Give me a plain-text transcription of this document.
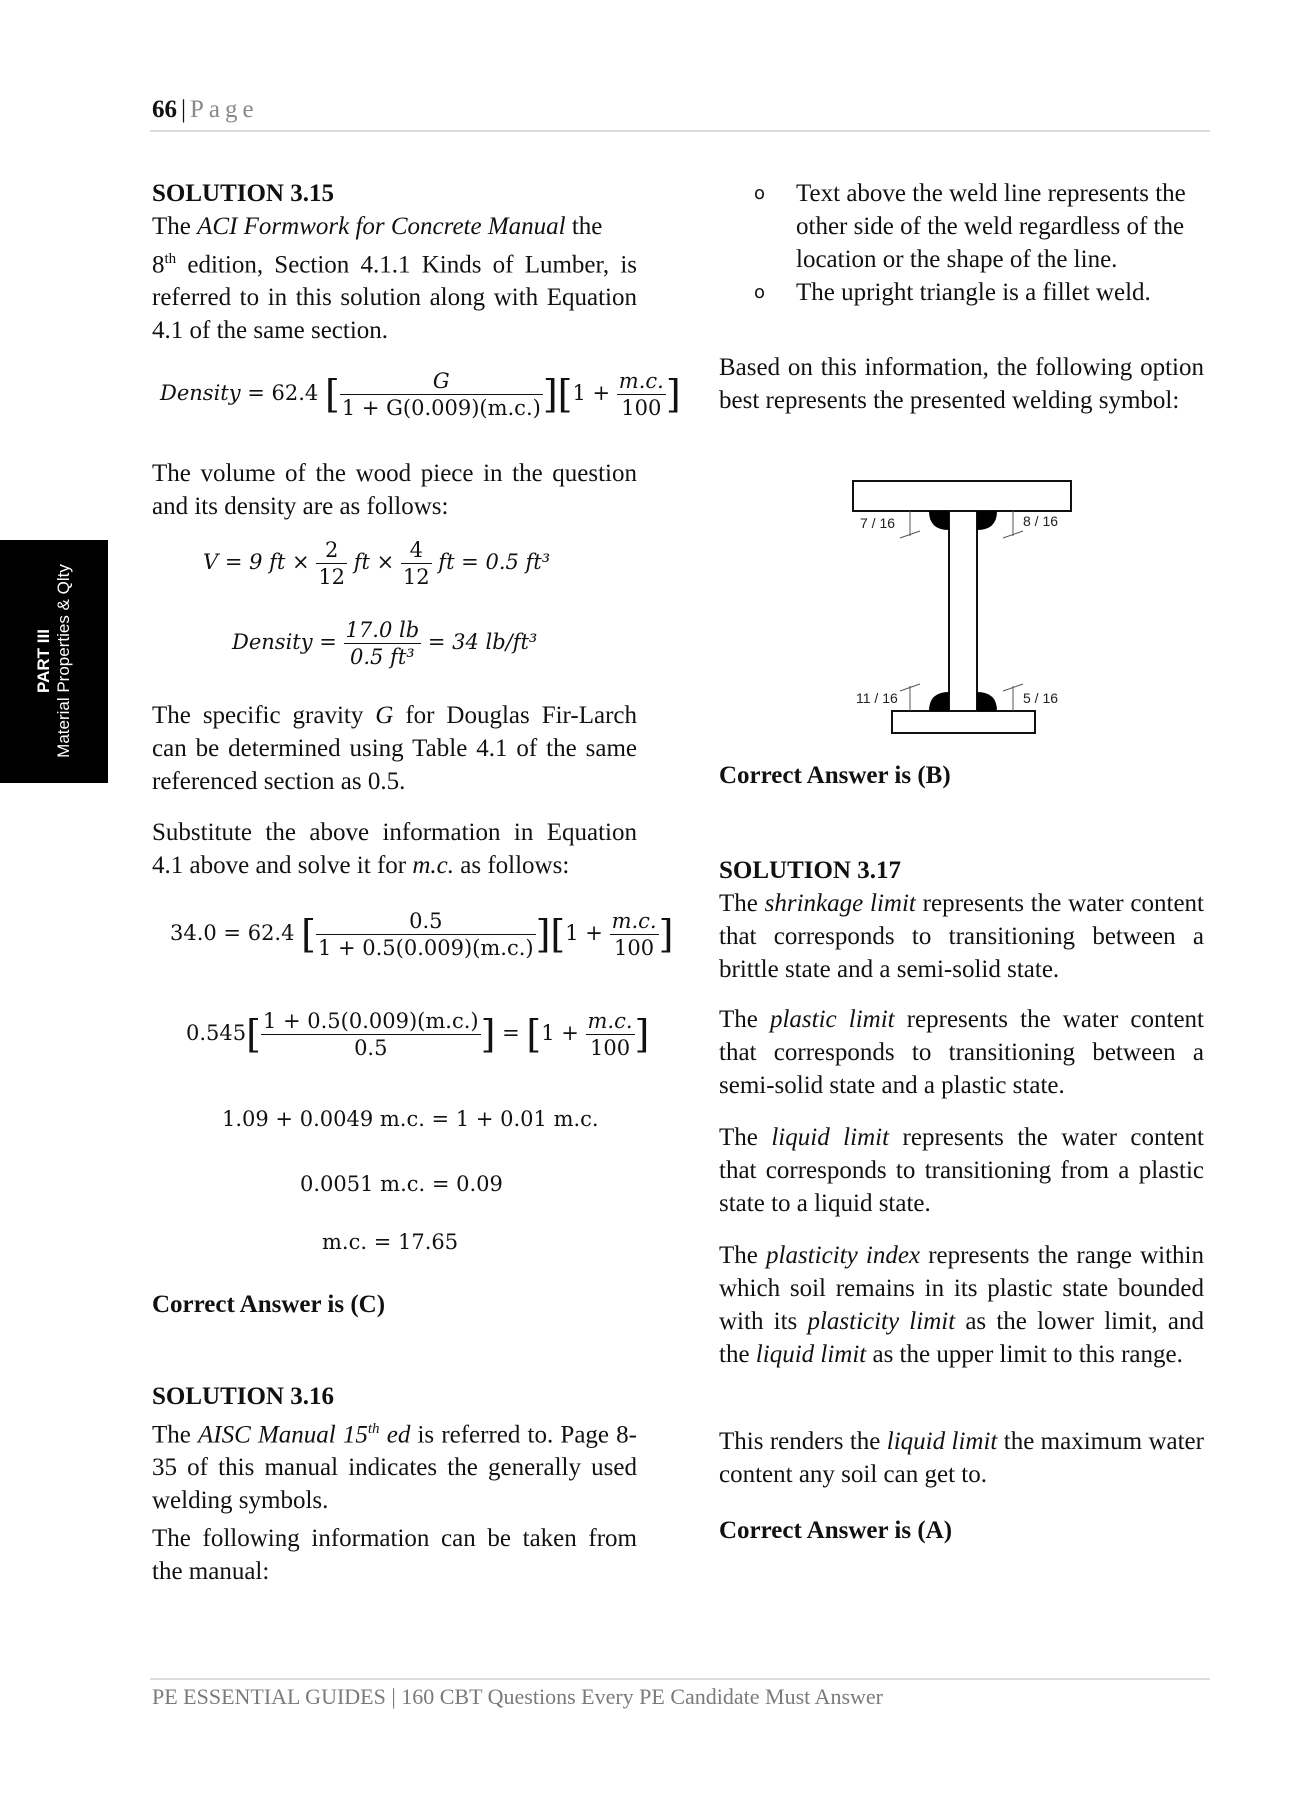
66 | Page
PART III Material Properties & Qlty
SOLUTION 3.15
The ACI Formwork for Concrete Manual the
8th edition, Section 4.1.1 Kinds of Lumber, is referred to in this solution along with Equation 4.1 of the same section.
Density = 62.4 [ $\frac{G}{1 + G(0.009)(m.c.)} ][1 + \frac{m.c.}{100}$ ]
The volume of the wood piece in the question and its density are as follows:
V = 9 ft × $\frac{2}{12}$ ft × $\frac{4}{12}$ ft = 0.5 ft³
Density = $\frac{17.0 lb}{\text{0.5 ft³}} = 34$ lb/ft³
The specific gravity G for Douglas Fir-Larch can be determined using Table 4.1 of the same referenced section as 0.5.
Substitute the above information in Equation 4.1 above and solve it for m.c. as follows:
34.0 = 62.4 [ $\frac{0.5}{1 + 0.5(0.009)(m.c.)} ][1 + \frac{m.c.}{100}$ ]
$0.545[ \frac{1 + 0.5(0.009)(m.c.)}{0.5}$ ] = [$1 + \frac{m.c.}{100}$ ]
1.09 + 0.0049 m.c. = 1 + 0.01 m.c.
0.0051 m.c. = 0.09
m.c. = 17.65
Correct Answer is (C)
SOLUTION 3.16
The AISC Manual 15th ed is referred to. Page 8-35 of this manual indicates the generally used welding symbols.
The following information can be taken from the manual:
o Text above the weld line represents the other side of the weld regardless of the location or the shape of the line.
o The upright triangle is a fillet weld.
Based on this information, the following option best represents the presented welding symbol:
7 / 16	8 / 16
11 / 16	5 / 16
Correct Answer is (B)
SOLUTION 3.17
The shrinkage limit represents the water content that corresponds to transitioning between a brittle state and a semi-solid state.
The plastic limit represents the water content that corresponds to transitioning between a semi-solid state and a plastic state.
The liquid limit represents the water content that corresponds to transitioning from a plastic state to a liquid state.
The plasticity index represents the range within which soil remains in its plastic state bounded with its plasticity limit as the lower limit, and the liquid limit as the upper limit to this range.
This renders the liquid limit the maximum water content any soil can get to.
Correct Answer is (A)
PE ESSENTIAL GUIDES | 160 CBT Questions Every PE Candidate Must Answer
